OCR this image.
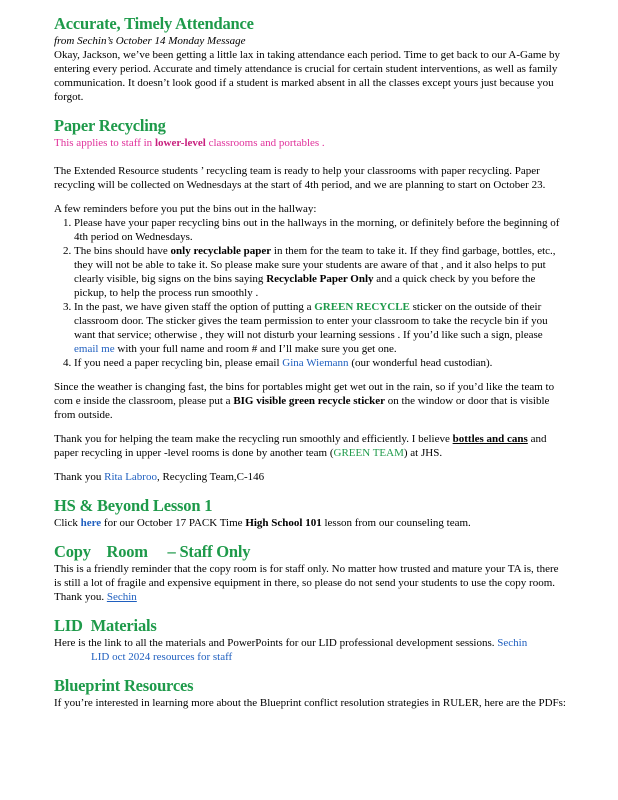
Accurate, Timely Attendance

from Sechin’s October 14 Monday Message

Okay, Jackson, we’ve been getting a little lax in taking attendance each period. Time to get back to our A-Game by entering every period. Accurate and timely attendance is crucial for certain student interventions, as well as family communication. It doesn’t look good if a student is marked absent in all the classes except yours just because you forgot.

Paper Recycling

This applies to staff in lower-level classrooms and portables .

The Extended Resource students ’ recycling team is ready to help your classrooms with paper recycling. Paper recycling will be collected on Wednesdays at the start of 4th period, and we are planning to start on October 23.

A few reminders before you put the bins out in the hallway:

1. Please have your paper recycling bins out in the hallways in the morning, or definitely before the beginning of 4th period on Wednesdays.
2. The bins should have only recyclable paper in them for the team to take it. If they find garbage, bottles, etc., they will not be able to take it. So please make sure your students are aware of that , and it also helps to put clearly visible, big signs on the bins saying Recyclable Paper Only and a quick check by you before the pickup, to help the process run smoothly .
3. In the past, we have given staff the option of putting a GREEN RECYCLE sticker on the outside of their classroom door. The sticker gives the team permission to enter your classroom to take the recycle bin if you want that service; otherwise , they will not disturb your learning sessions . If you’d like such a sign, please email me with your full name and room # and I’ll make sure you get one.
4. If you need a paper recycling bin, please email Gina Wiemann (our wonderful head custodian).

Since the weather is changing fast, the bins for portables might get wet out in the rain, so if you’d like the team to com e inside the classroom, please put a BIG visible green recycle sticker on the window or door that is visible from outside.

Thank you for helping the team make the recycling run smoothly and efficiently. I believe bottles and cans and paper recycling in upper -level rooms is done by another team (GREEN TEAM) at JHS.

Thank you Rita Labroo, Recycling Team,C-146

HS & Beyond Lesson 1

Click here for our October 17 PACK Time High School 101 lesson from our counseling team.

Copy    Room     – Staff Only

This is a friendly reminder that the copy room is for staff only. No matter how trusted and mature your TA is, there is still a lot of fragile and expensive equipment in there, so please do not send your students to use the copy room. Thank you. Sechin

LID  Materials

Here is the link to all the materials and PowerPoints for our LID professional development sessions. Sechin

LID oct 2024 resources for staff

Blueprint Resources

If you’re interested in learning more about the Blueprint conflict resolution strategies in RULER, here are the PDFs:
